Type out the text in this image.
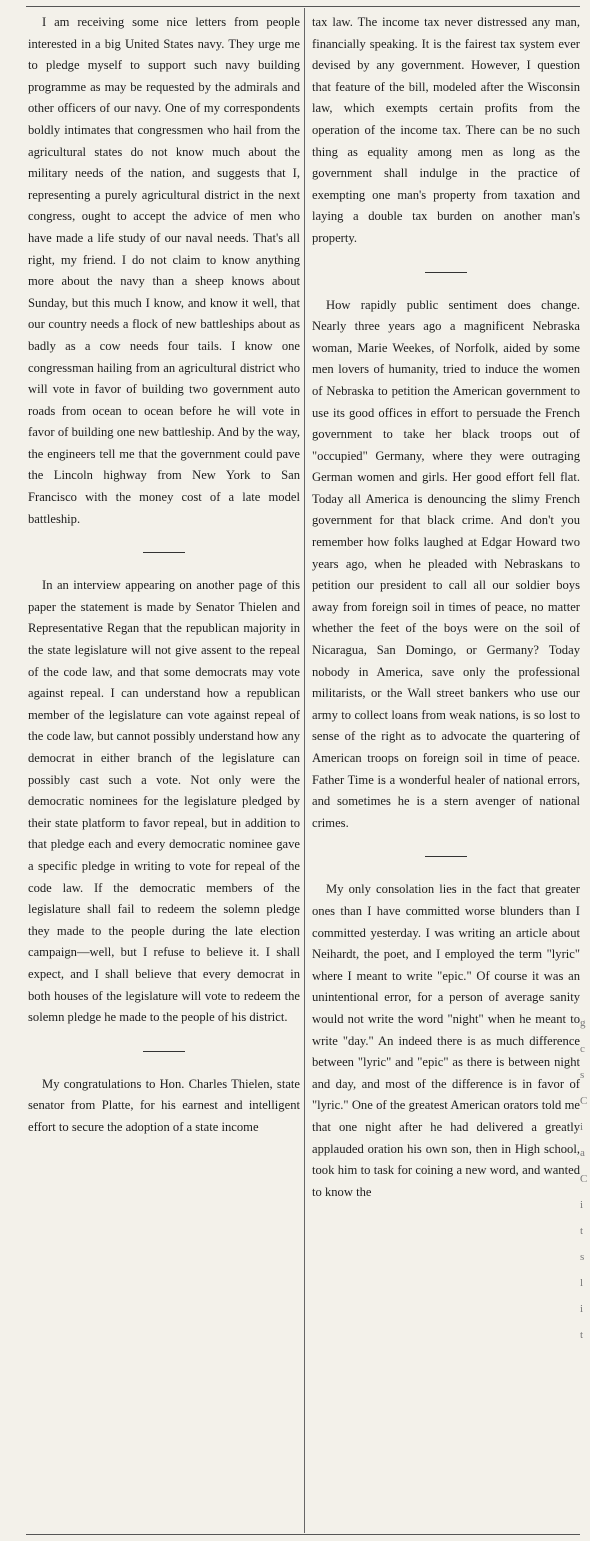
I am receiving some nice letters from people interested in a big United States navy. They urge me to pledge myself to support such navy building programme as may be requested by the admirals and other officers of our navy. One of my correspondents boldly intimates that congressmen who hail from the agricultural states do not know much about the military needs of the nation, and suggests that I, representing a purely agricultural district in the next congress, ought to accept the advice of men who have made a life study of our naval needs. That's all right, my friend. I do not claim to know anything more about the navy than a sheep knows about Sunday, but this much I know, and know it well, that our country needs a flock of new battleships about as badly as a cow needs four tails. I know one congressman hailing from an agricultural district who will vote in favor of building two government auto roads from ocean to ocean before he will vote in favor of building one new battleship. And by the way, the engineers tell me that the government could pave the Lincoln highway from New York to San Francisco with the money cost of a late model battleship.

In an interview appearing on another page of this paper the statement is made by Senator Thielen and Representative Regan that the republican majority in the state legislature will not give assent to the repeal of the code law, and that some democrats may vote against repeal. I can understand how a republican member of the legislature can vote against repeal of the code law, but cannot possibly understand how any democrat in either branch of the legislature can possibly cast such a vote. Not only were the democratic nominees for the legislature pledged by their state platform to favor repeal, but in addition to that pledge each and every democratic nominee gave a specific pledge in writing to vote for repeal of the code law. If the democratic members of the legislature shall fail to redeem the solemn pledge they made to the people during the late election campaign—well, but I refuse to believe it. I shall expect, and I shall believe that every democrat in both houses of the legislature will vote to redeem the solemn pledge he made to the people of his district.

My congratulations to Hon. Charles Thielen, state senator from Platte, for his earnest and intelligent effort to secure the adoption of a state income

tax law. The income tax never distressed any man, financially speaking. It is the fairest tax system ever devised by any government. However, I question that feature of the bill, modeled after the Wisconsin law, which exempts certain profits from the operation of the income tax. There can be no such thing as equality among men as long as the government shall indulge in the practice of exempting one man's property from taxation and laying a double tax burden on another man's property.

How rapidly public sentiment does change. Nearly three years ago a magnificent Nebraska woman, Marie Weekes, of Norfolk, aided by some men lovers of humanity, tried to induce the women of Nebraska to petition the American government to use its good offices in effort to persuade the French government to take her black troops out of "occupied" Germany, where they were outraging German women and girls. Her good effort fell flat. Today all America is denouncing the slimy French government for that black crime. And don't you remember how folks laughed at Edgar Howard two years ago, when he pleaded with Nebraskans to petition our president to call all our soldier boys away from foreign soil in times of peace, no matter whether the feet of the boys were on the soil of Nicaragua, San Domingo, or Germany? Today nobody in America, save only the professional militarists, or the Wall street bankers who use our army to collect loans from weak nations, is so lost to sense of the right as to advocate the quartering of American troops on foreign soil in time of peace. Father Time is a wonderful healer of national errors, and sometimes he is a stern avenger of national crimes.

My only consolation lies in the fact that greater ones than I have committed worse blunders than I committed yesterday. I was writing an article about Neihardt, the poet, and I employed the term "lyric" where I meant to write "epic." Of course it was an unintentional error, for a person of average sanity would not write the word "night" when he meant to write "day." An indeed there is as much difference between "lyric" and "epic" as there is between night and day, and most of the difference is in favor of "lyric." One of the greatest American orators told me that one night after he had delivered a greatly applauded oration his own son, then in High school, took him to task for coining a new word, and wanted to know the

g
c
s
C
i
a
C
i
t
s
l
i
t
